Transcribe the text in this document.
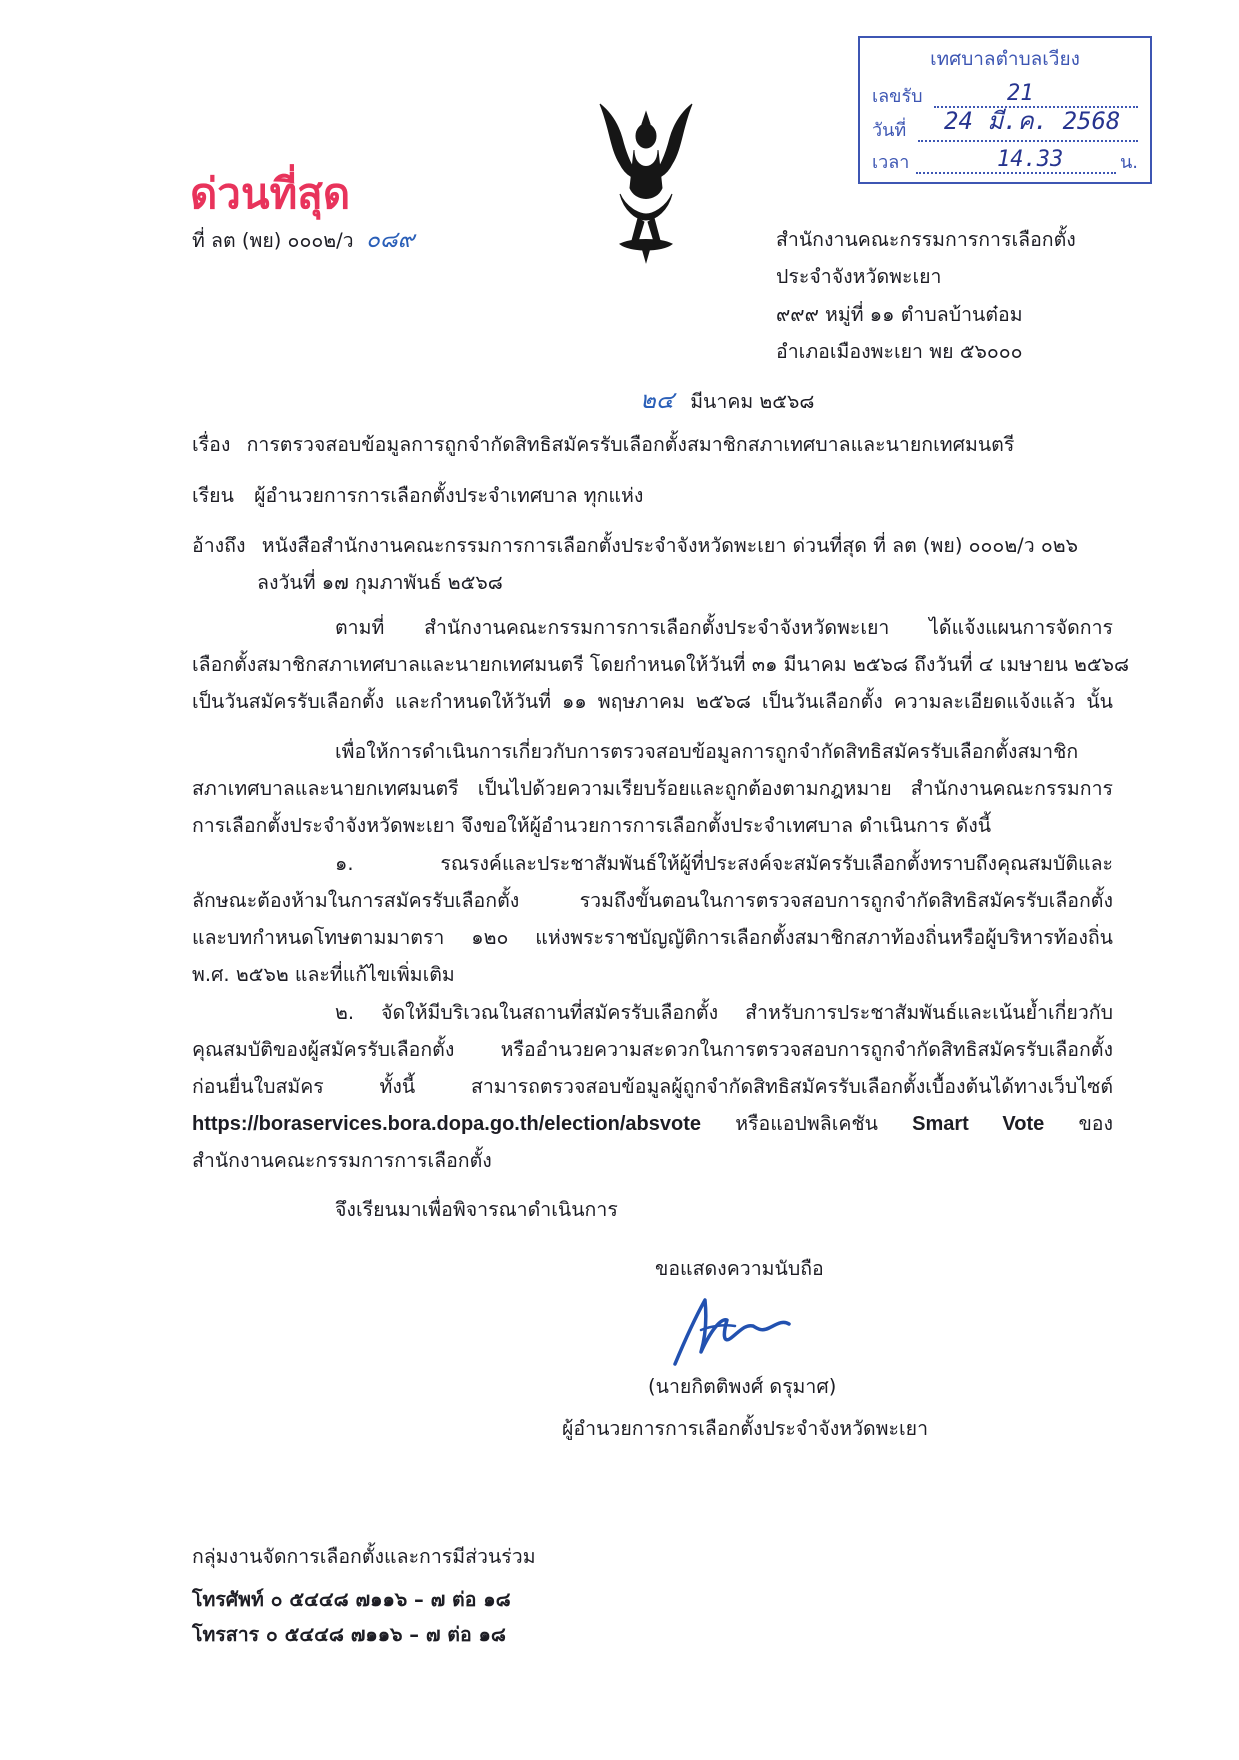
เทศบาลตำบลเวียง
เลขรับ	21
วันที่ 24 มี.ค. 2568
เวลา	14.33	น.
ด่วนที่สุด
ที่ ลต (พย) ๐๐๐๒/ว ๐๘๙	สำนักงานคณะกรรมการการเลือกตั้ง
ประจำจังหวัดพะเยา
๙๙๙ หมู่ที่ ๑๑ ตำบลบ้านต๋อม
อำเภอเมืองพะเยา พย ๕๖๐๐๐
๒๔ มีนาคม ๒๕๖๘
เรื่อง การตรวจสอบข้อมูลการถูกจำกัดสิทธิสมัครรับเลือกตั้งสมาชิกสภาเทศบาลและนายกเทศมนตรี
เรียน ผู้อำนวยการการเลือกตั้งประจำเทศบาล ทุกแห่ง
อ้างถึง หนังสือสำนักงานคณะกรรมการการเลือกตั้งประจำจังหวัดพะเยา ด่วนที่สุด ที่ ลต (พย) ๐๐๐๒/ว ๐๒๖
ลงวันที่ ๑๗ กุมภาพันธ์ ๒๕๖๘
ตามที่ สำนักงานคณะกรรมการการเลือกตั้งประจำจังหวัดพะเยา ได้แจ้งแผนการจัดการ
เลือกตั้งสมาชิกสภาเทศบาลและนายกเทศมนตรี โดยกำหนดให้วันที่ ๓๑ มีนาคม ๒๕๖๘ ถึงวันที่ ๔ เมษายน ๒๕๖๘
เป็นวันสมัครรับเลือกตั้ง และกำหนดให้วันที่ ๑๑ พฤษภาคม ๒๕๖๘ เป็นวันเลือกตั้ง ความละเอียดแจ้งแล้ว นั้น
เพื่อให้การดำเนินการเกี่ยวกับการตรวจสอบข้อมูลการถูกจำกัดสิทธิสมัครรับเลือกตั้งสมาชิก
สภาเทศบาลและนายกเทศมนตรี เป็นไปด้วยความเรียบร้อยและถูกต้องตามกฎหมาย สำนักงานคณะกรรมการ
การเลือกตั้งประจำจังหวัดพะเยา จึงขอให้ผู้อำนวยการการเลือกตั้งประจำเทศบาล ดำเนินการ ดังนี้
๑. รณรงค์และประชาสัมพันธ์ให้ผู้ที่ประสงค์จะสมัครรับเลือกตั้งทราบถึงคุณสมบัติและ
ลักษณะต้องห้ามในการสมัครรับเลือกตั้ง รวมถึงขั้นตอนในการตรวจสอบการถูกจำกัดสิทธิสมัครรับเลือกตั้ง
และบทกำหนดโทษตามมาตรา ๑๒๐ แห่งพระราชบัญญัติการเลือกตั้งสมาชิกสภาท้องถิ่นหรือผู้บริหารท้องถิ่น
พ.ศ. ๒๕๖๒ และที่แก้ไขเพิ่มเติม
๒. จัดให้มีบริเวณในสถานที่สมัครรับเลือกตั้ง สำหรับการประชาสัมพันธ์และเน้นย้ำเกี่ยวกับ
คุณสมบัติของผู้สมัครรับเลือกตั้ง หรืออำนวยความสะดวกในการตรวจสอบการถูกจำกัดสิทธิสมัครรับเลือกตั้ง
ก่อนยื่นใบสมัคร ทั้งนี้ สามารถตรวจสอบข้อมูลผู้ถูกจำกัดสิทธิสมัครรับเลือกตั้งเบื้องต้นได้ทางเว็บไซต์
https://boraservices.bora.dopa.go.th/election/absvote หรือแอปพลิเคชัน Smart Vote ของ
สำนักงานคณะกรรมการการเลือกตั้ง
จึงเรียนมาเพื่อพิจารณาดำเนินการ
ขอแสดงความนับถือ
(นายกิตติพงศ์ ดรุมาศ)
ผู้อำนวยการการเลือกตั้งประจำจังหวัดพะเยา
กลุ่มงานจัดการเลือกตั้งและการมีส่วนร่วม
โทรศัพท์ ๐ ๕๔๔๘ ๗๑๑๖ – ๗ ต่อ ๑๘
โทรสาร ๐ ๕๔๔๘ ๗๑๑๖ – ๗ ต่อ ๑๘
